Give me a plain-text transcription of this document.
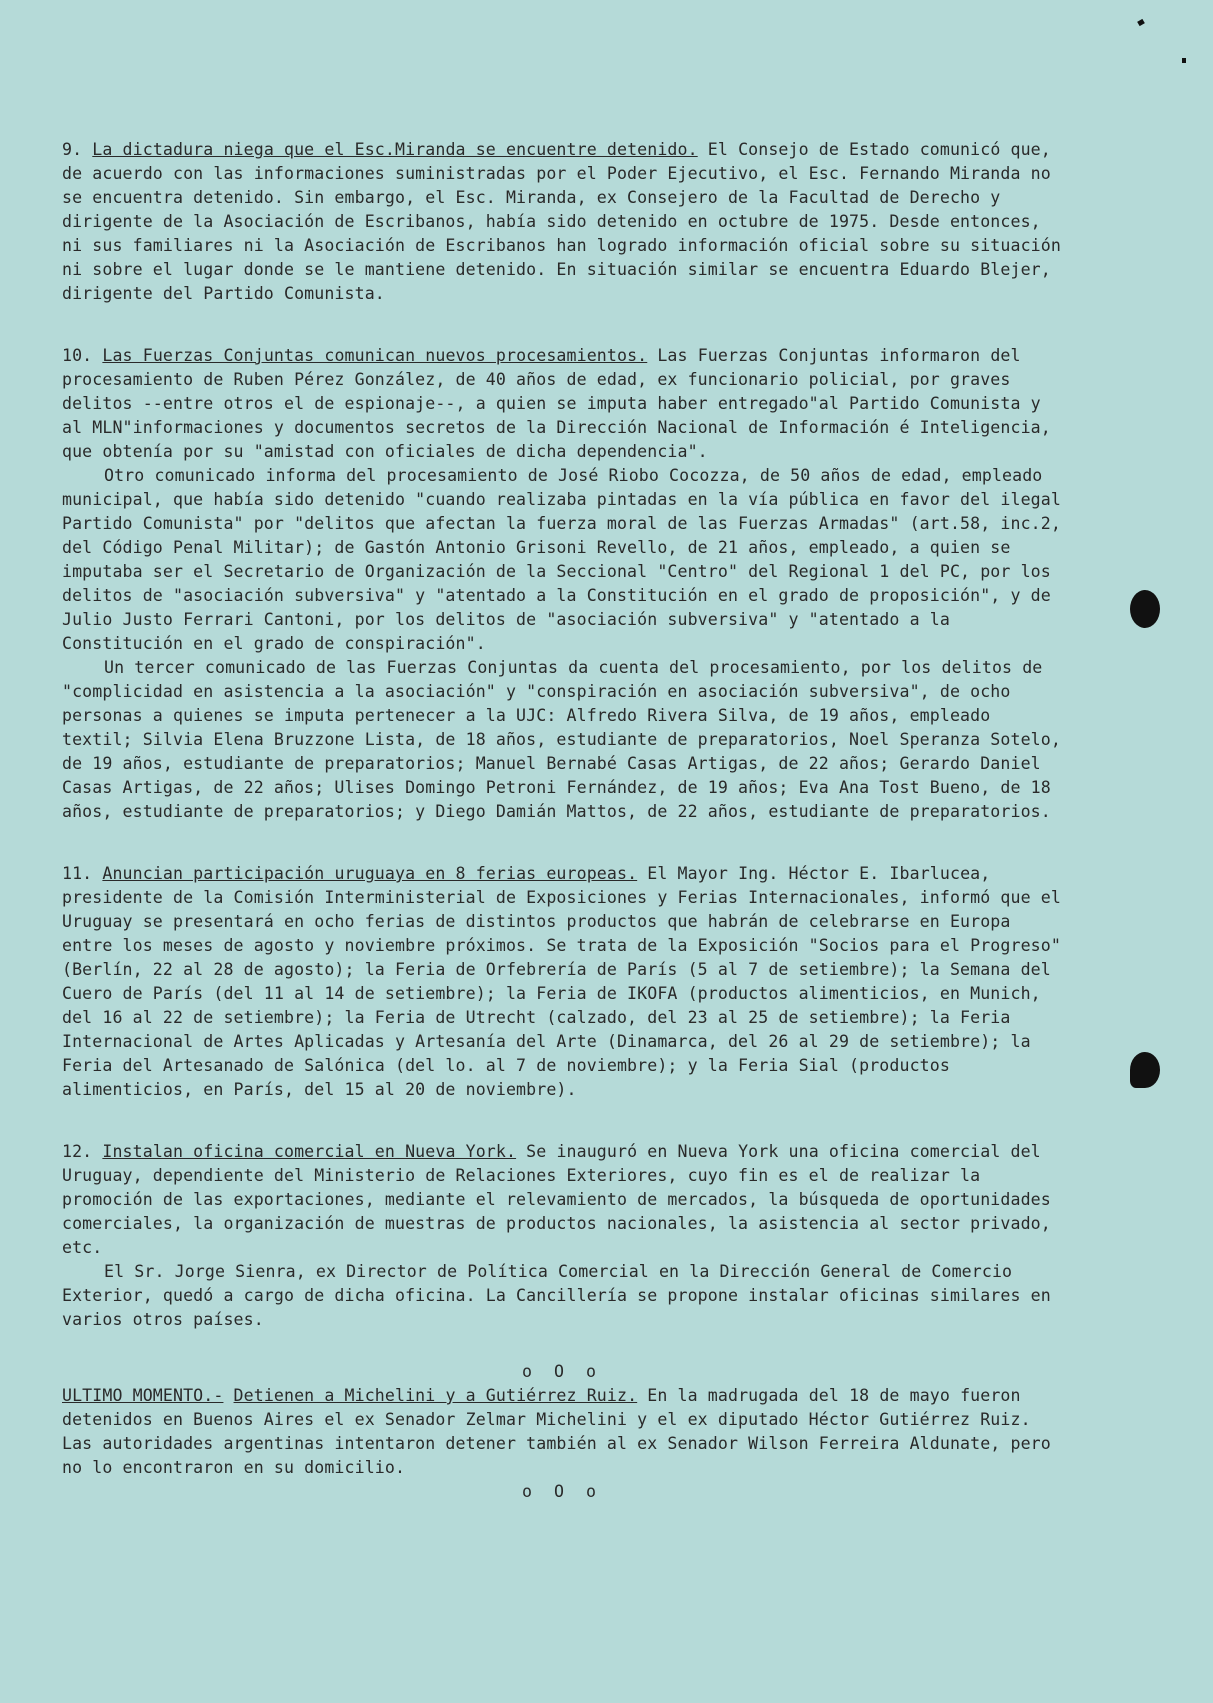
9. La dictadura niega que el Esc.Miranda se encuentre detenido. El Consejo de Estado comunicó que, de acuerdo con las informaciones suministradas por el Poder Ejecutivo, el Esc. Fernando Miranda no se encuentra detenido. Sin embargo, el Esc. Miranda, ex Consejero de la Facultad de Derecho y dirigente de la Asociación de Escribanos, había sido detenido en octubre de 1975. Desde entonces, ni sus familiares ni la Asociación de Escribanos han logrado información oficial sobre su situación ni sobre el lugar donde se le mantiene detenido. En situación similar se encuentra Eduardo Blejer, dirigente del Partido Comunista.

10. Las Fuerzas Conjuntas comunican nuevos procesamientos. Las Fuerzas Conjuntas informaron del procesamiento de Ruben Pérez González, de 40 años de edad, ex funcionario policial, por graves delitos --entre otros el de espionaje--, a quien se imputa haber entregado"al Partido Comunista y al MLN"informaciones y documentos secretos de la Dirección Nacional de Información é Inteligencia, que obtenía por su "amistad con oficiales de dicha dependencia".

Otro comunicado informa del procesamiento de José Riobo Cocozza, de 50 años de edad, empleado municipal, que había sido detenido "cuando realizaba pintadas en la vía pública en favor del ilegal Partido Comunista" por "delitos que afectan la fuerza moral de las Fuerzas Armadas" (art.58, inc.2, del Código Penal Militar); de Gastón Antonio Grisoni Revello, de 21 años, empleado, a quien se imputaba ser el Secretario de Organización de la Seccional "Centro" del Regional 1 del PC, por los delitos de "asociación subversiva" y "atentado a la Constitución en el grado de proposición", y de Julio Justo Ferrari Cantoni, por los delitos de "asociación subversiva" y "atentado a la Constitución en el grado de conspiración".

Un tercer comunicado de las Fuerzas Conjuntas da cuenta del procesamiento, por los delitos de "complicidad en asistencia a la asociación" y "conspiración en asociación subversiva", de ocho personas a quienes se imputa pertenecer a la UJC: Alfredo Rivera Silva, de 19 años, empleado textil; Silvia Elena Bruzzone Lista, de 18 años, estudiante de preparatorios, Noel Speranza Sotelo, de 19 años, estudiante de preparatorios; Manuel Bernabé Casas Artigas, de 22 años; Gerardo Daniel Casas Artigas, de 22 años; Ulises Domingo Petroni Fernández, de 19 años; Eva Ana Tost Bueno, de 18 años, estudiante de preparatorios; y Diego Damián Mattos, de 22 años, estudiante de preparatorios.

11. Anuncian participación uruguaya en 8 ferias europeas. El Mayor Ing. Héctor E. Ibarlucea, presidente de la Comisión Interministerial de Exposiciones y Ferias Internacionales, informó que el Uruguay se presentará en ocho ferias de distintos productos que habrán de celebrarse en Europa entre los meses de agosto y noviembre próximos. Se trata de la Exposición "Socios para el Progreso" (Berlín, 22 al 28 de agosto); la Feria de Orfebrería de París (5 al 7 de setiembre); la Semana del Cuero de París (del 11 al 14 de setiembre); la Feria de IKOFA (productos alimenticios, en Munich, del 16 al 22 de setiembre); la Feria de Utrecht (calzado, del 23 al 25 de setiembre); la Feria Internacional de Artes Aplicadas y Artesanía del Arte (Dinamarca, del 26 al 29 de setiembre); la Feria del Artesanado de Salónica (del lo. al 7 de noviembre); y la Feria Sial (productos alimenticios, en París, del 15 al 20 de noviembre).

12. Instalan oficina comercial en Nueva York. Se inauguró en Nueva York una oficina comercial del Uruguay, dependiente del Ministerio de Relaciones Exteriores, cuyo fin es el de realizar la promoción de las exportaciones, mediante el relevamiento de mercados, la búsqueda de oportunidades comerciales, la organización de muestras de productos nacionales, la asistencia al sector privado, etc.

El Sr. Jorge Sienra, ex Director de Política Comercial en la Dirección General de Comercio Exterior, quedó a cargo de dicha oficina. La Cancillería se propone instalar oficinas similares en varios otros países.

o O o

ULTIMO MOMENTO.- Detienen a Michelini y a Gutiérrez Ruiz. En la madrugada del 18 de mayo fueron detenidos en Buenos Aires el ex Senador Zelmar Michelini y el ex diputado Héctor Gutiérrez Ruiz. Las autoridades argentinas intentaron detener también al ex Senador Wilson Ferreira Aldunate, pero no lo encontraron en su domicilio.

o O o
